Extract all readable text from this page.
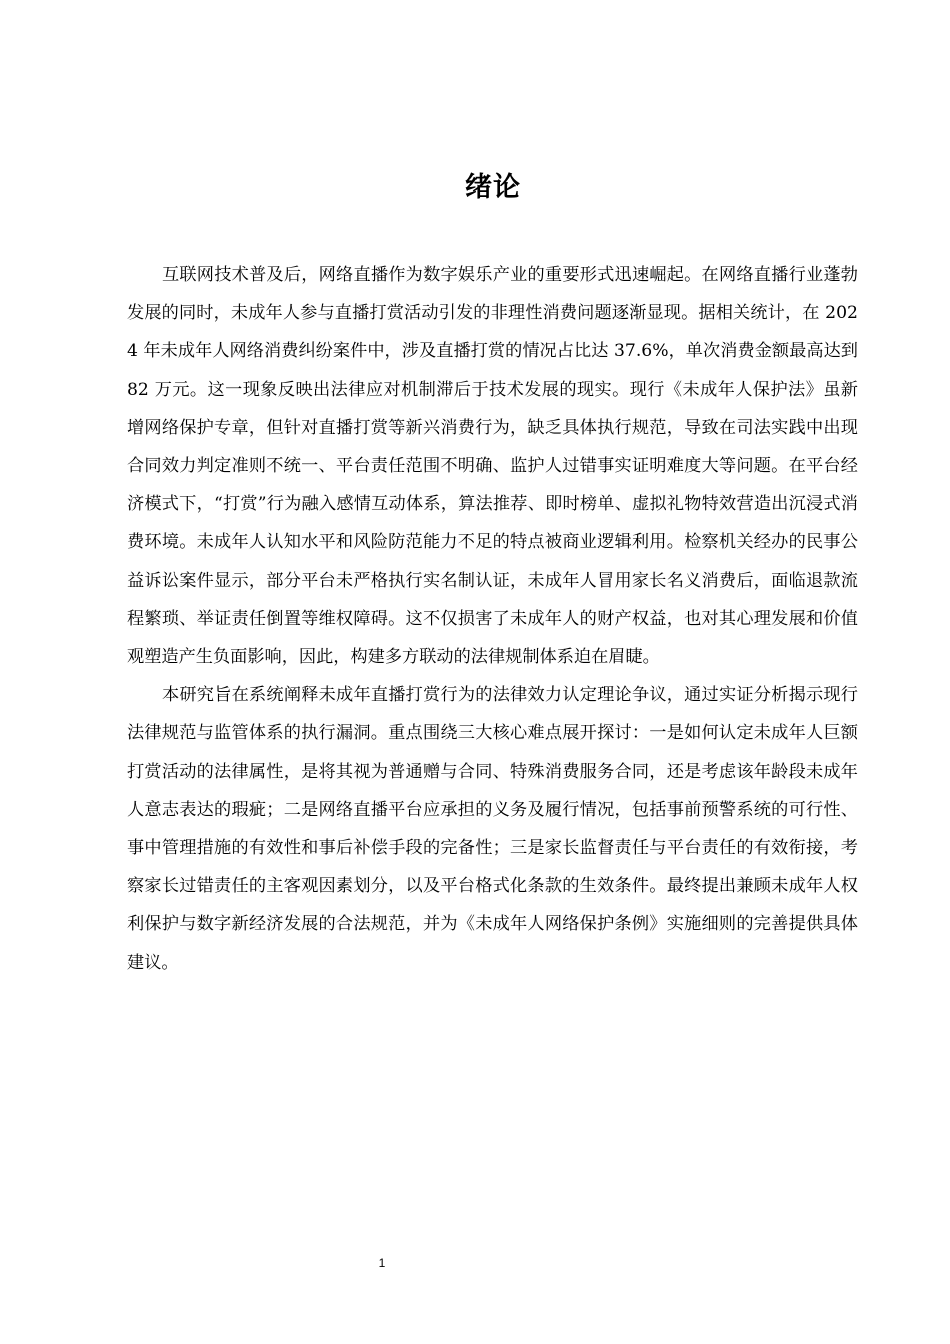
绪论

互联网技术普及后，网络直播作为数字娱乐产业的重要形式迅速崛起。在网络直播行业蓬勃发展的同时，未成年人参与直播打赏活动引发的非理性消费问题逐渐显现。据相关统计，在 2024 年未成年人网络消费纠纷案件中，涉及直播打赏的情况占比达 37.6%，单次消费金额最高达到 82 万元。这一现象反映出法律应对机制滞后于技术发展的现实。现行《未成年人保护法》虽新增网络保护专章，但针对直播打赏等新兴消费行为，缺乏具体执行规范，导致在司法实践中出现合同效力判定准则不统一、平台责任范围不明确、监护人过错事实证明难度大等问题。在平台经济模式下，“打赏”行为融入感情互动体系，算法推荐、即时榜单、虚拟礼物特效营造出沉浸式消费环境。未成年人认知水平和风险防范能力不足的特点被商业逻辑利用。检察机关经办的民事公益诉讼案件显示，部分平台未严格执行实名制认证，未成年人冒用家长名义消费后，面临退款流程繁琐、举证责任倒置等维权障碍。这不仅损害了未成年人的财产权益，也对其心理发展和价值观塑造产生负面影响，因此，构建多方联动的法律规制体系迫在眉睫。

本研究旨在系统阐释未成年直播打赏行为的法律效力认定理论争议，通过实证分析揭示现行法律规范与监管体系的执行漏洞。重点围绕三大核心难点展开探讨：一是如何认定未成年人巨额打赏活动的法律属性，是将其视为普通赠与合同、特殊消费服务合同，还是考虑该年龄段未成年人意志表达的瑕疵；二是网络直播平台应承担的义务及履行情况，包括事前预警系统的可行性、事中管理措施的有效性和事后补偿手段的完备性；三是家长监督责任与平台责任的有效衔接，考察家长过错责任的主客观因素划分，以及平台格式化条款的生效条件。最终提出兼顾未成年人权利保护与数字新经济发展的合法规范，并为《未成年人网络保护条例》实施细则的完善提供具体建议。

1
